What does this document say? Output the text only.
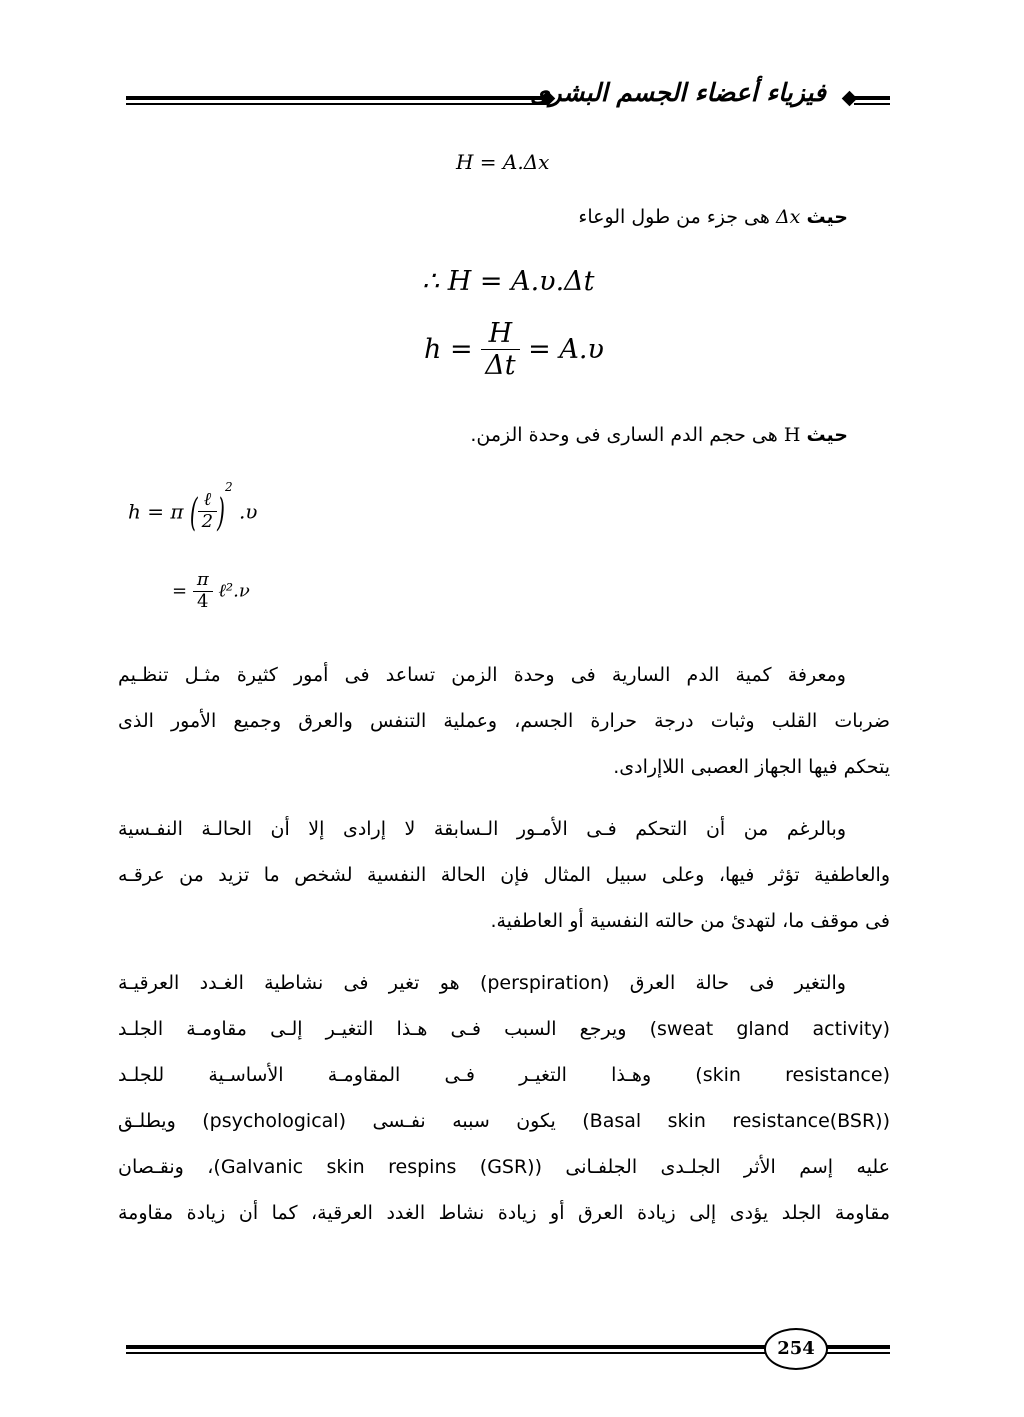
فيزياء أعضاء الجسم البشرى
H = A.Δx
حيث Δx هى جزء من طول الوعاء
∴ H = A.υ.Δt
$h = \frac{H}{\Delta t} = A.\upsilon$
حيث H هى حجم الدم السارى فى وحدة الزمن.
h = π ( $\frac{\text{ℓ}}{2} )^2$ .υ
= $\frac{\pi}{4}$ ℓ².ν
ومعرفة كمية الدم السارية فى وحدة الزمن تساعد فى أمور كثيرة مثـل تنظـيم
ضربات القلب وثبات درجة حرارة الجسم، وعملية التنفس والعرق وجميع الأمور الذى
يتحكم فيها الجهاز العصبى اللاإرادى.
وبالرغم من أن التحكم فـى الأمـور الـسابقة لا إرادى إلا أن الحالـة النفـسية
والعاطفية تؤثر فيها، وعلى سبيل المثال فإن الحالة النفسية لشخص ما تزيد من عرقـه
فى موقف ما، لتهدئ من حالته النفسية أو العاطفية.
والتغير فى حالة العرق (perspiration) هو تغير فى نشاطية الغـدد العرقيـة
(sweat gland activity) ويرجع السبب فـى هـذا التغيـر إلـى مقاومـة الجلـد
(skin resistance) وهـذا التغيـر فـى المقاومـة الأساسـية للجلـد
(Basal skin resistance(BSR)) يكون سببه نفـسى (psychological) ويطلـق
عليه إسم الأثر الجلـدى الجلفـانى (Galvanic skin respins (GSR))، ونقـصان
مقاومة الجلد يؤدى إلى زيادة العرق أو زيادة نشاط الغدد العرقية، كما أن زيادة مقاومة
254
